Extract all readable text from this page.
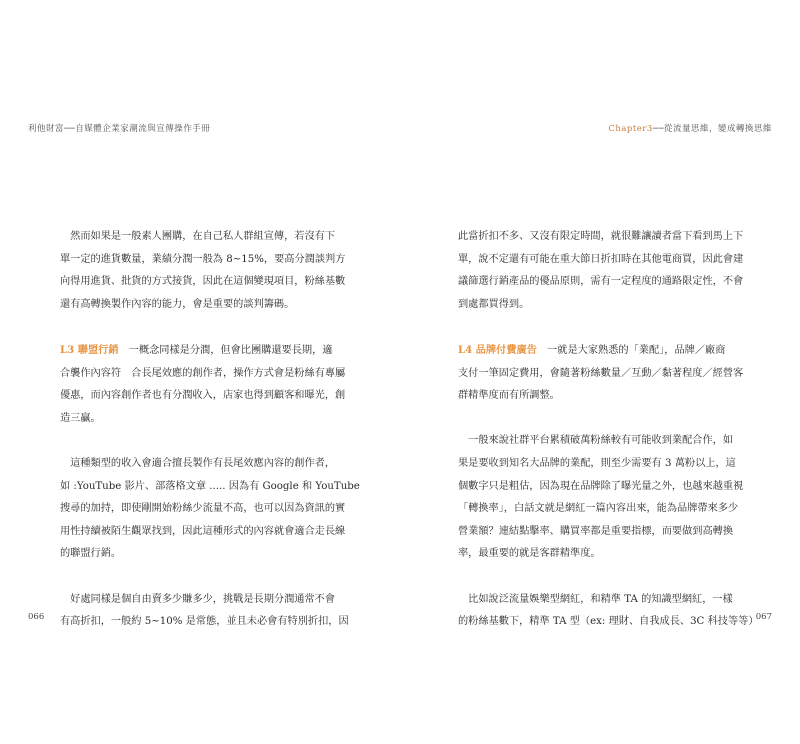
利他財富──自媒體企業家潮流與宣傳操作手冊

　然而如果是一般素人團購，在自己私人群組宣傳，若沒有下
單一定的進貨數量，業績分潤一般為 8~15%，要高分潤談判方
向得用進貨、批貨的方式接貨，因此在這個變現項目，粉絲基數
還有高轉換製作內容的能力，會是重要的談判籌碼。

L3 聯盟行銷　一概念同樣是分潤，但會比團購還要長期，適
合襲作內容符　合長尾效應的創作者，操作方式會是粉絲有專屬
優惠，而內容創作者也有分潤收入，店家也得到顧客和曝光，創
造三贏。

　這種類型的收入會適合擅長製作有長尾效應內容的創作者，
如 :YouTube 影片、部落格文章 ..... 因為有 Google 和 YouTube
搜尋的加持，即使剛開始粉絲少流量不高，也可以因為資訊的實
用性持續被陌生觀眾找到，因此這種形式的內容就會適合走長線
的聯盟行銷。

　好處同樣是個自由賣多少賺多少，挑戰是長期分潤通常不會
有高折扣，一般約 5~10% 是常態，並且未必會有特別折扣，因

066
Chapter3──從流量思維，變成轉換思維

此當折扣不多、又沒有限定時間，就很難讓讀者當下看到馬上下
單，說不定還有可能在重大節日折扣時在其他電商買，因此會建
議篩選行銷產品的優品原則，需有一定程度的通路限定性，不會
到處都買得到。

L4 品牌付費廣告　一就是大家熟悉的「業配」，品牌／廠商
支付一筆固定費用，會隨著粉絲數量／互動／黏著程度／經營客
群精準度而有所調整。

　一般來說社群平台累積破萬粉絲較有可能收到業配合作，如
果是要收到知名大品牌的業配，則至少需要有 3 萬粉以上，這
個數字只是粗估，因為現在品牌除了曝光量之外，也越來越重視
「轉換率」，白話文就是網紅一篇內容出來，能為品牌帶來多少
營業額？連結點擊率、購買率都是重要指標，而要做到高轉換
率，最重要的就是客群精準度。

　比如說泛流量娛樂型網紅，和精準 TA 的知識型網紅，一樣
的粉絲基數下，精準 TA 型（ex: 理財、自我成長、3C 科技等等）

067
